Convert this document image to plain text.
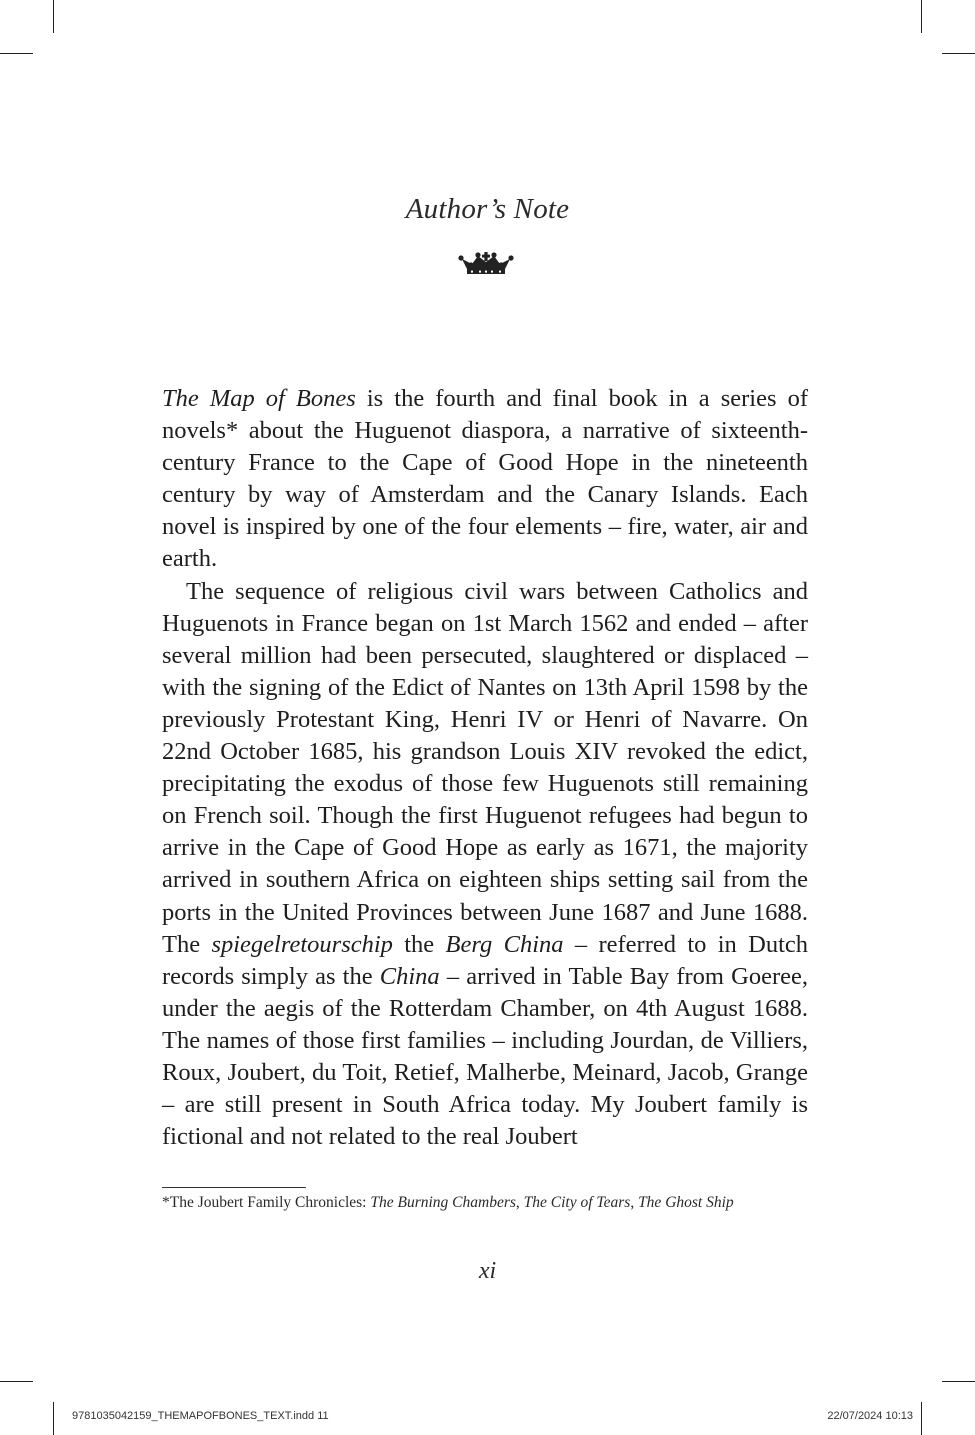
Author’s Note

The Map of Bones is the fourth and final book in a series of novels* about the Huguenot diaspora, a narrative of sixteenth-century France to the Cape of Good Hope in the nineteenth century by way of Amsterdam and the Canary Islands. Each novel is inspired by one of the four elements – fire, water, air and earth.

The sequence of religious civil wars between Catholics and Huguenots in France began on 1st March 1562 and ended – after several million had been persecuted, slaughtered or displaced – with the signing of the Edict of Nantes on 13th April 1598 by the previously Protestant King, Henri IV or Henri of Navarre. On 22nd October 1685, his grandson Louis XIV revoked the edict, precipitating the exodus of those few Huguenots still remaining on French soil. Though the first Huguenot refugees had begun to arrive in the Cape of Good Hope as early as 1671, the majority arrived in southern Africa on eighteen ships setting sail from the ports in the United Provinces between June 1687 and June 1688. The spiegelretourschip the Berg China – referred to in Dutch records simply as the China – arrived in Table Bay from Goeree, under the aegis of the Rotterdam Chamber, on 4th August 1688. The names of those first families – including Jourdan, de Villiers, Roux, Joubert, du Toit, Retief, Malherbe, Meinard, Jacob, Grange – are still present in South Africa today. My Joubert family is fictional and not related to the real Joubert

*The Joubert Family Chronicles: The Burning Chambers, The City of Tears, The Ghost Ship
xi
9781035042159_THEMAPOFBONES_TEXT.indd 11	22/07/2024 10:13
